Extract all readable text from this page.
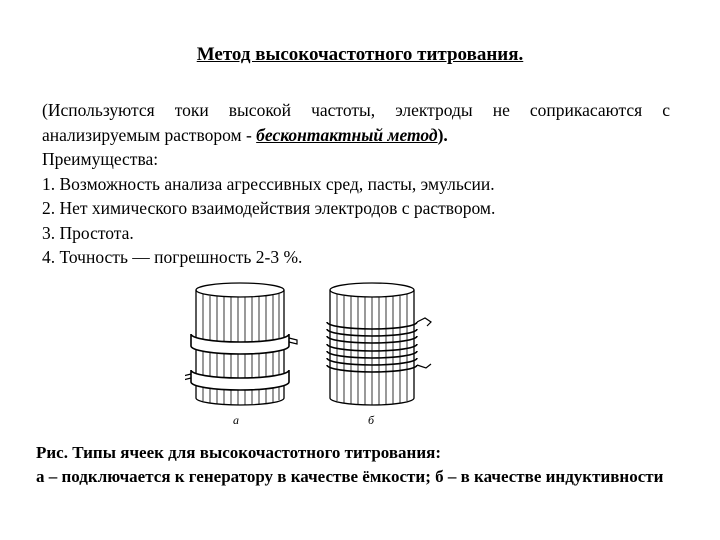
Метод высокочастотного титрования.
(Используются токи высокой частоты, электроды не соприкасаются с анализируемым раствором - бесконтактный метод).
Преимущества:
1. Возможность анализа агрессивных сред, пасты, эмульсии.
2. Нет химического взаимодействия электродов с раствором.
3. Простота.
4. Точность — погрешность 2-3 %.
а	б
Рис. Типы ячеек для высокочастотного титрования:
а – подключается к генератору в качестве ёмкости; б – в качестве индуктивности
